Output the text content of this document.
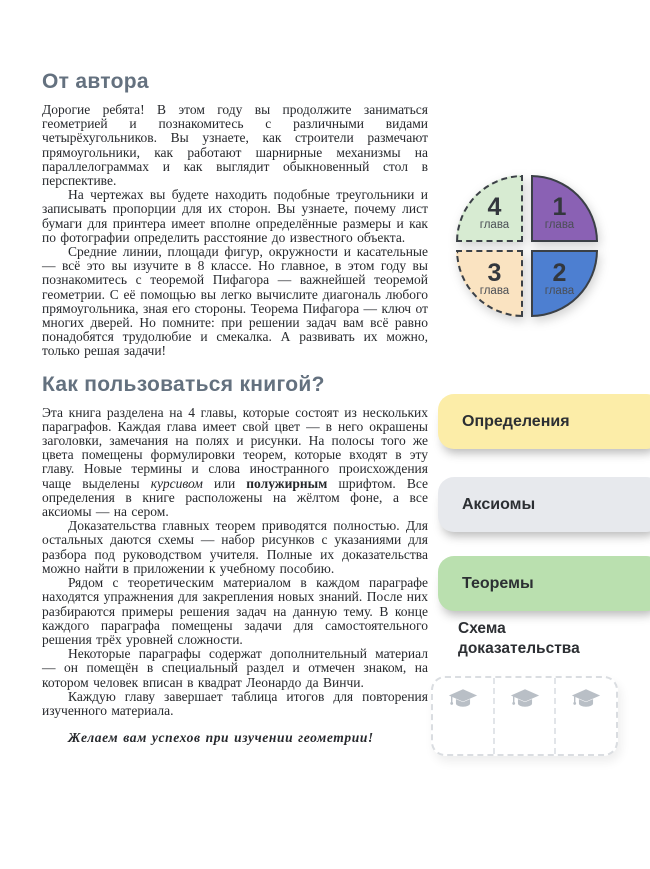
От автора

Дорогие ребята! В этом году вы продолжите заниматься геометрией и познакомитесь с различными видами четырёхугольников. Вы узнаете, как строители размечают прямоугольники, как работают шарнирные механизмы на параллелограммах и как выглядит обыкновенный стол в перспективе.

На чертежах вы будете находить подобные треугольники и записывать пропорции для их сторон. Вы узнаете, почему лист бумаги для принтера имеет вполне определённые размеры и как по фотографии определить расстояние до известного объекта.

Средние линии, площади фигур, окружности и касательные — всё это вы изучите в 8 классе. Но главное, в этом году вы познакомитесь с теоремой Пифагора — важнейшей теоремой геометрии. С её помощью вы легко вычислите диагональ любого прямоугольника, зная его стороны. Теорема Пифагора — ключ от многих дверей. Но помните: при решении задач вам всё равно понадобятся трудолюбие и смекалка. А развивать их можно, только решая задачи!

Как пользоваться книгой?

Эта книга разделена на 4 главы, которые состоят из нескольких параграфов. Каждая глава имеет свой цвет — в него окрашены заголовки, замечания на полях и рисунки. На полосы того же цвета помещены формулировки теорем, которые входят в эту главу. Новые термины и слова иностранного происхождения чаще выделены курсивом или полужирным шрифтом. Все определения в книге расположены на жёлтом фоне, а все аксиомы — на сером.

Доказательства главных теорем приводятся полностью. Для остальных даются схемы — набор рисунков с указаниями для разбора под руководством учителя. Полные их доказательства можно найти в приложении к учебному пособию.

Рядом с теоретическим материалом в каждом параграфе находятся упражнения для закрепления новых знаний. После них разбираются примеры решения задач на данную тему. В конце каждого параграфа помещены задачи для самостоятельного решения трёх уровней сложности.

Некоторые параграфы содержат дополнительный материал — он помещён в специальный раздел и отмечен знаком, на котором человек вписан в квадрат Леонардо да Винчи.

Каждую главу завершает таблица итогов для повторения изученного материала.

Желаем вам успехов при изучении геометрии!

4
глава
1
глава
3
глава
2
глава
Определения
Аксиомы
Теоремы
Схема доказательства
